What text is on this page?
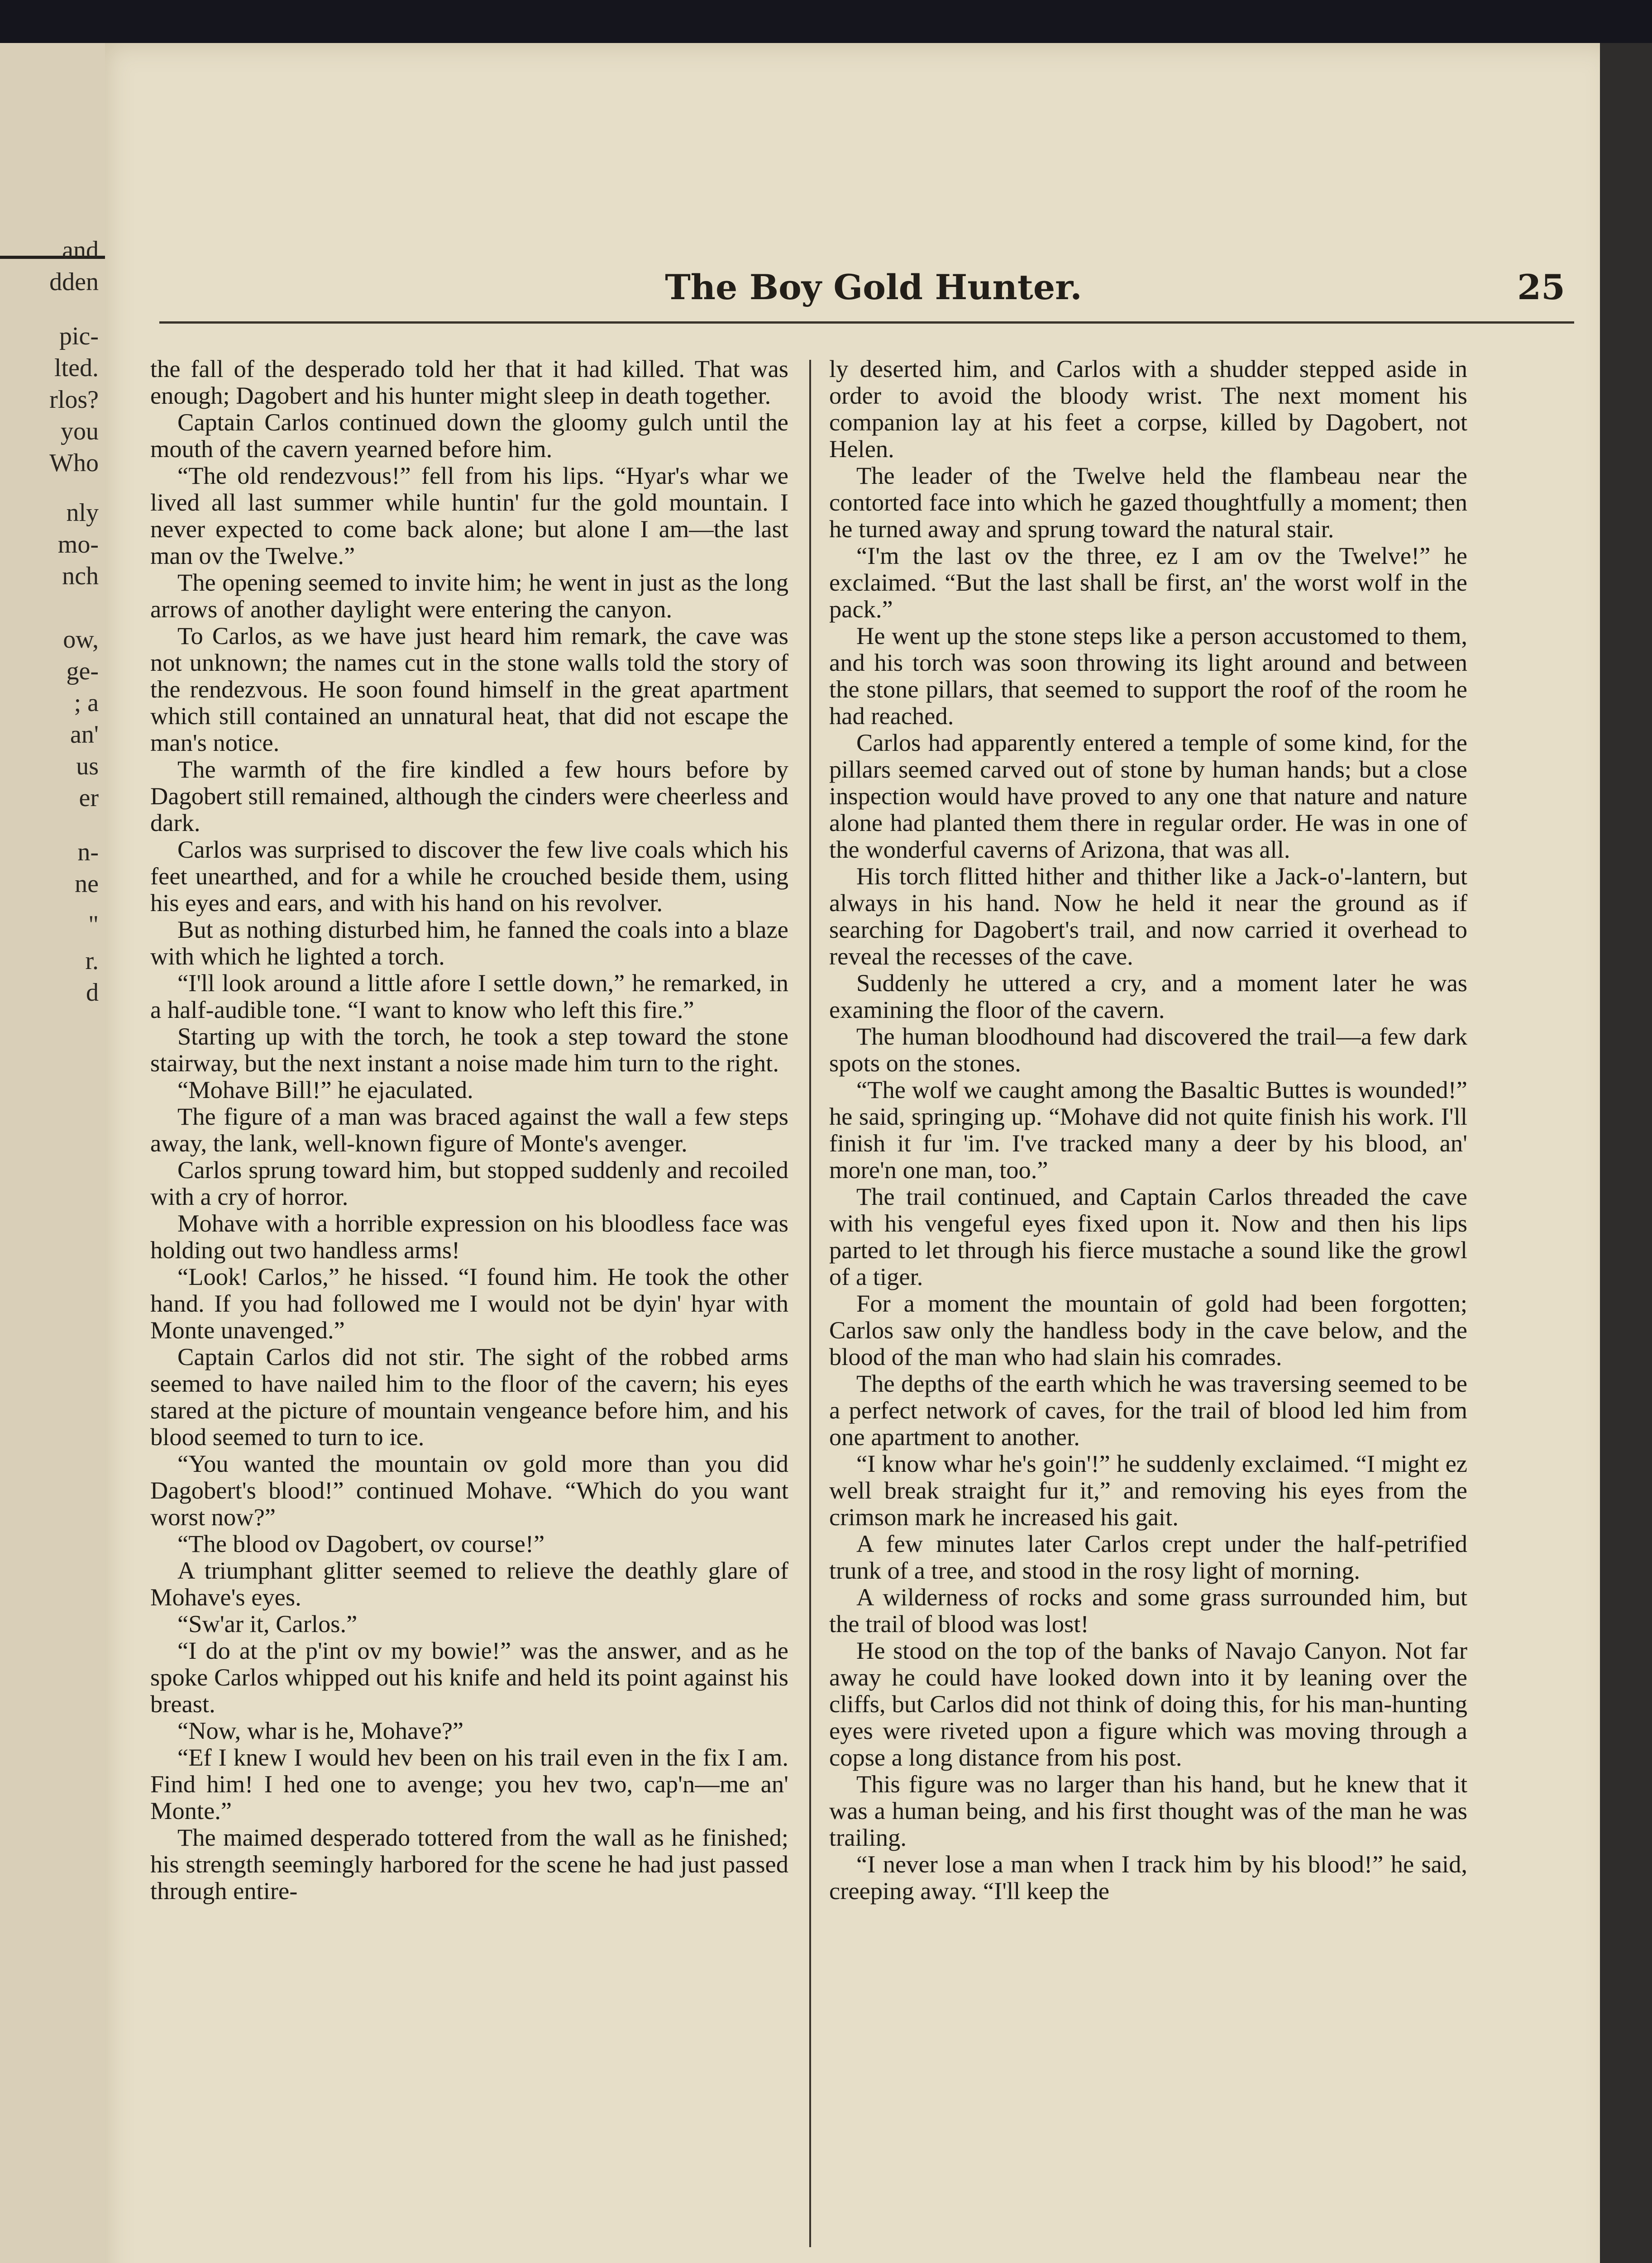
and
dden
pic-
lted.
rlos?
you
Who
nly
mo-
nch
ow,
ge-
; a
an'
us
er
n-
ne
"
r.
d
The Boy Gold Hunter.	25

the fall of the desperado told her that it had killed. That was enough; Dagobert and his hunter might sleep in death together.

Captain Carlos continued down the gloomy gulch until the mouth of the cavern yearned before him.

“The old rendezvous!” fell from his lips. “Hyar's whar we lived all last summer while huntin' fur the gold mountain. I never expected to come back alone; but alone I am—the last man ov the Twelve.”

The opening seemed to invite him; he went in just as the long arrows of another daylight were entering the canyon.

To Carlos, as we have just heard him remark, the cave was not unknown; the names cut in the stone walls told the story of the rendezvous. He soon found himself in the great apartment which still contained an unnatural heat, that did not escape the man's notice.

The warmth of the fire kindled a few hours before by Dagobert still remained, although the cinders were cheerless and dark.

Carlos was surprised to discover the few live coals which his feet unearthed, and for a while he crouched beside them, using his eyes and ears, and with his hand on his revolver.

But as nothing disturbed him, he fanned the coals into a blaze with which he lighted a torch.

“I'll look around a little afore I settle down,” he remarked, in a half-audible tone. “I want to know who left this fire.”

Starting up with the torch, he took a step toward the stone stairway, but the next instant a noise made him turn to the right.

“Mohave Bill!” he ejaculated.

The figure of a man was braced against the wall a few steps away, the lank, well-known figure of Monte's avenger.

Carlos sprung toward him, but stopped suddenly and recoiled with a cry of horror.

Mohave with a horrible expression on his bloodless face was holding out two handless arms!

“Look! Carlos,” he hissed. “I found him. He took the other hand. If you had followed me I would not be dyin' hyar with Monte unavenged.”

Captain Carlos did not stir. The sight of the robbed arms seemed to have nailed him to the floor of the cavern; his eyes stared at the picture of mountain vengeance before him, and his blood seemed to turn to ice.

“You wanted the mountain ov gold more than you did Dagobert's blood!” continued Mohave. “Which do you want worst now?”

“The blood ov Dagobert, ov course!”

A triumphant glitter seemed to relieve the deathly glare of Mohave's eyes.

“Sw'ar it, Carlos.”

“I do at the p'int ov my bowie!” was the answer, and as he spoke Carlos whipped out his knife and held its point against his breast.

“Now, whar is he, Mohave?”

“Ef I knew I would hev been on his trail even in the fix I am. Find him! I hed one to avenge; you hev two, cap'n—me an' Monte.”

The maimed desperado tottered from the wall as he finished; his strength seemingly harbored for the scene he had just passed through entire-

ly deserted him, and Carlos with a shudder stepped aside in order to avoid the bloody wrist. The next moment his companion lay at his feet a corpse, killed by Dagobert, not Helen.

The leader of the Twelve held the flambeau near the contorted face into which he gazed thoughtfully a moment; then he turned away and sprung toward the natural stair.

“I'm the last ov the three, ez I am ov the Twelve!” he exclaimed. “But the last shall be first, an' the worst wolf in the pack.”

He went up the stone steps like a person accustomed to them, and his torch was soon throwing its light around and between the stone pillars, that seemed to support the roof of the room he had reached.

Carlos had apparently entered a temple of some kind, for the pillars seemed carved out of stone by human hands; but a close inspection would have proved to any one that nature and nature alone had planted them there in regular order. He was in one of the wonderful caverns of Arizona, that was all.

His torch flitted hither and thither like a Jack-o'-lantern, but always in his hand. Now he held it near the ground as if searching for Dagobert's trail, and now carried it overhead to reveal the recesses of the cave.

Suddenly he uttered a cry, and a moment later he was examining the floor of the cavern.

The human bloodhound had discovered the trail—a few dark spots on the stones.

“The wolf we caught among the Basaltic Buttes is wounded!” he said, springing up. “Mohave did not quite finish his work. I'll finish it fur 'im. I've tracked many a deer by his blood, an' more'n one man, too.”

The trail continued, and Captain Carlos threaded the cave with his vengeful eyes fixed upon it. Now and then his lips parted to let through his fierce mustache a sound like the growl of a tiger.

For a moment the mountain of gold had been forgotten; Carlos saw only the handless body in the cave below, and the blood of the man who had slain his comrades.

The depths of the earth which he was traversing seemed to be a perfect network of caves, for the trail of blood led him from one apartment to another.

“I know whar he's goin'!” he suddenly exclaimed. “I might ez well break straight fur it,” and removing his eyes from the crimson mark he increased his gait.

A few minutes later Carlos crept under the half-petrified trunk of a tree, and stood in the rosy light of morning.

A wilderness of rocks and some grass surrounded him, but the trail of blood was lost!

He stood on the top of the banks of Navajo Canyon. Not far away he could have looked down into it by leaning over the cliffs, but Carlos did not think of doing this, for his man-hunting eyes were riveted upon a figure which was moving through a copse a long distance from his post.

This figure was no larger than his hand, but he knew that it was a human being, and his first thought was of the man he was trailing.

“I never lose a man when I track him by his blood!” he said, creeping away. “I'll keep the
